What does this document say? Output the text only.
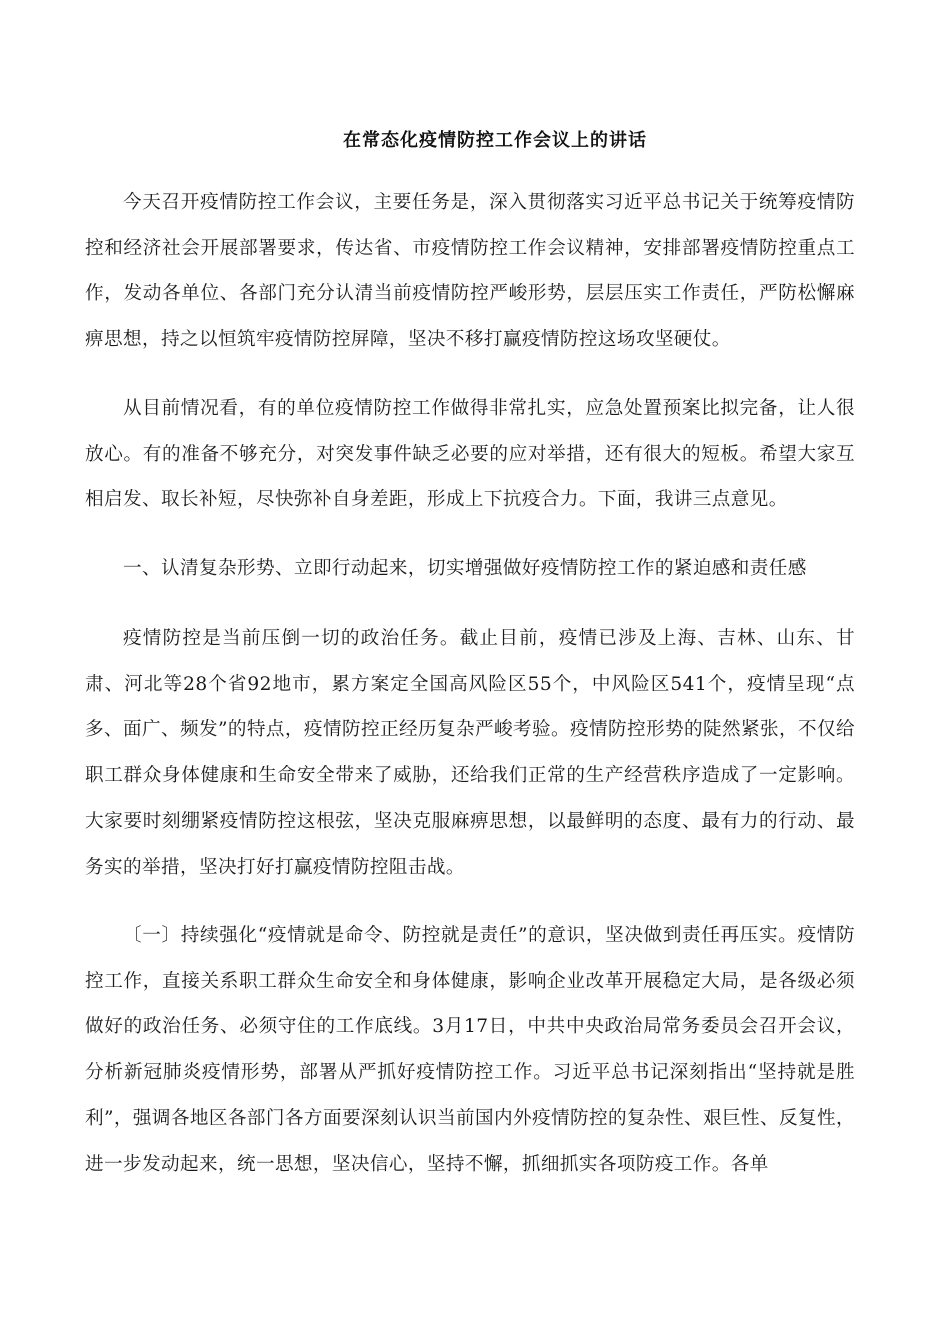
在常态化疫情防控工作会议上的讲话

今天召开疫情防控工作会议，主要任务是，深入贯彻落实习近平总书记关于统筹疫情防控和经济社会开展部署要求，传达省、市疫情防控工作会议精神，安排部署疫情防控重点工作，发动各单位、各部门充分认清当前疫情防控严峻形势，层层压实工作责任，严防松懈麻痹思想，持之以恒筑牢疫情防控屏障，坚决不移打赢疫情防控这场攻坚硬仗。

从目前情况看，有的单位疫情防控工作做得非常扎实，应急处置预案比拟完备，让人很放心。有的准备不够充分，对突发事件缺乏必要的应对举措，还有很大的短板。希望大家互相启发、取长补短，尽快弥补自身差距，形成上下抗疫合力。下面，我讲三点意见。

一、认清复杂形势、立即行动起来，切实增强做好疫情防控工作的紧迫感和责任感

疫情防控是当前压倒一切的政治任务。截止目前，疫情已涉及上海、吉林、山东、甘肃、河北等28个省92地市，累方案定全国高风险区55个，中风险区541个，疫情呈现“点多、面广、频发”的特点，疫情防控正经历复杂严峻考验。疫情防控形势的陡然紧张，不仅给职工群众身体健康和生命安全带来了威胁，还给我们正常的生产经营秩序造成了一定影响。大家要时刻绷紧疫情防控这根弦，坚决克服麻痹思想，以最鲜明的态度、最有力的行动、最务实的举措，坚决打好打赢疫情防控阻击战。

〔一〕持续强化“疫情就是命令、防控就是责任”的意识，坚决做到责任再压实。疫情防控工作，直接关系职工群众生命安全和身体健康，影响企业改革开展稳定大局，是各级必须做好的政治任务、必须守住的工作底线。3月17日，中共中央政治局常务委员会召开会议，分析新冠肺炎疫情形势，部署从严抓好疫情防控工作。习近平总书记深刻指出“坚持就是胜利”，强调各地区各部门各方面要深刻认识当前国内外疫情防控的复杂性、艰巨性、反复性，进一步发动起来，统一思想，坚决信心，坚持不懈，抓细抓实各项防疫工作。各单
